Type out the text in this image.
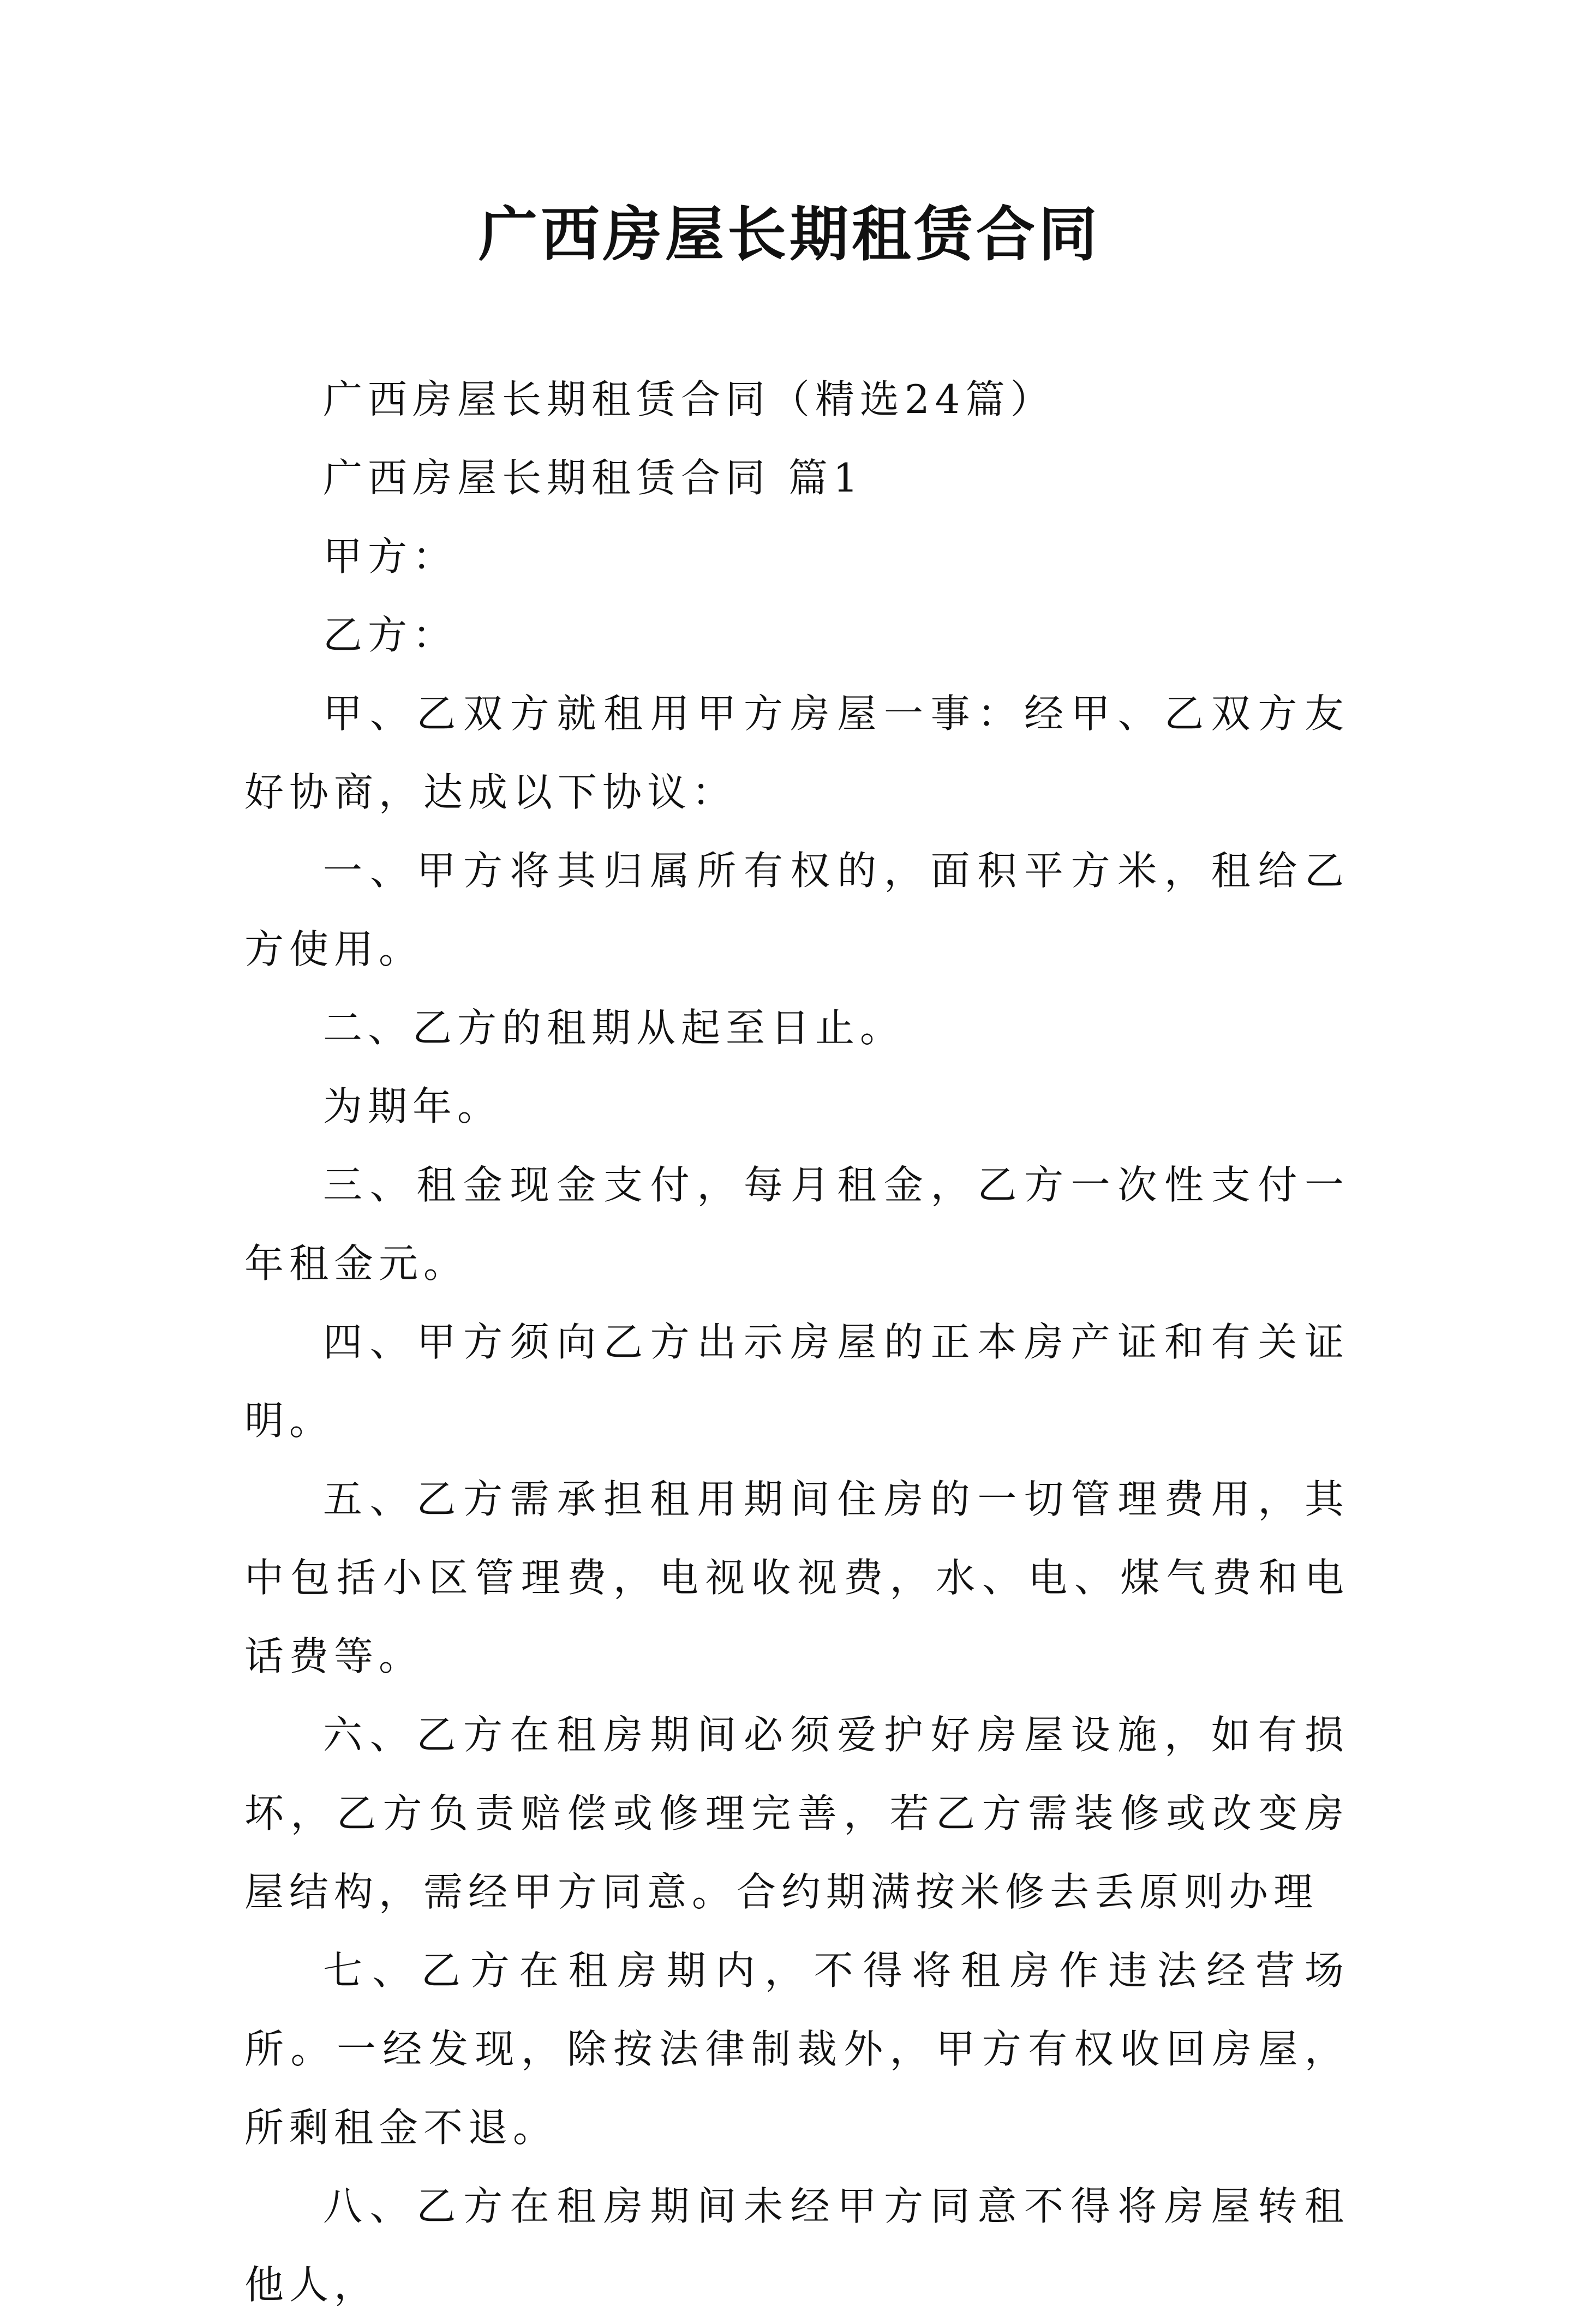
广西房屋长期租赁合同

广西房屋长期租赁合同（精选24篇）

广西房屋长期租赁合同 篇1

甲方：

乙方：

甲、乙双方就租用甲方房屋一事：经甲、乙双方友好协商，达成以下协议：

一、甲方将其归属所有权的，面积平方米，租给乙方使用。

二、乙方的租期从起至日止。

为期年。

三、租金现金支付，每月租金，乙方一次性支付一年租金元。

四、甲方须向乙方出示房屋的正本房产证和有关证明。

五、乙方需承担租用期间住房的一切管理费用，其中包括小区管理费，电视收视费，水、电、煤气费和电话费等。

六、乙方在租房期间必须爱护好房屋设施，如有损坏，乙方负责赔偿或修理完善，若乙方需装修或改变房屋结构，需经甲方同意。合约期满按米修去丢原则办理

七、乙方在租房期内，不得将租房作违法经营场所。一经发现，除按法律制裁外，甲方有权收回房屋，所剩租金不退。

八、乙方在租房期间未经甲方同意不得将房屋转租他人，
